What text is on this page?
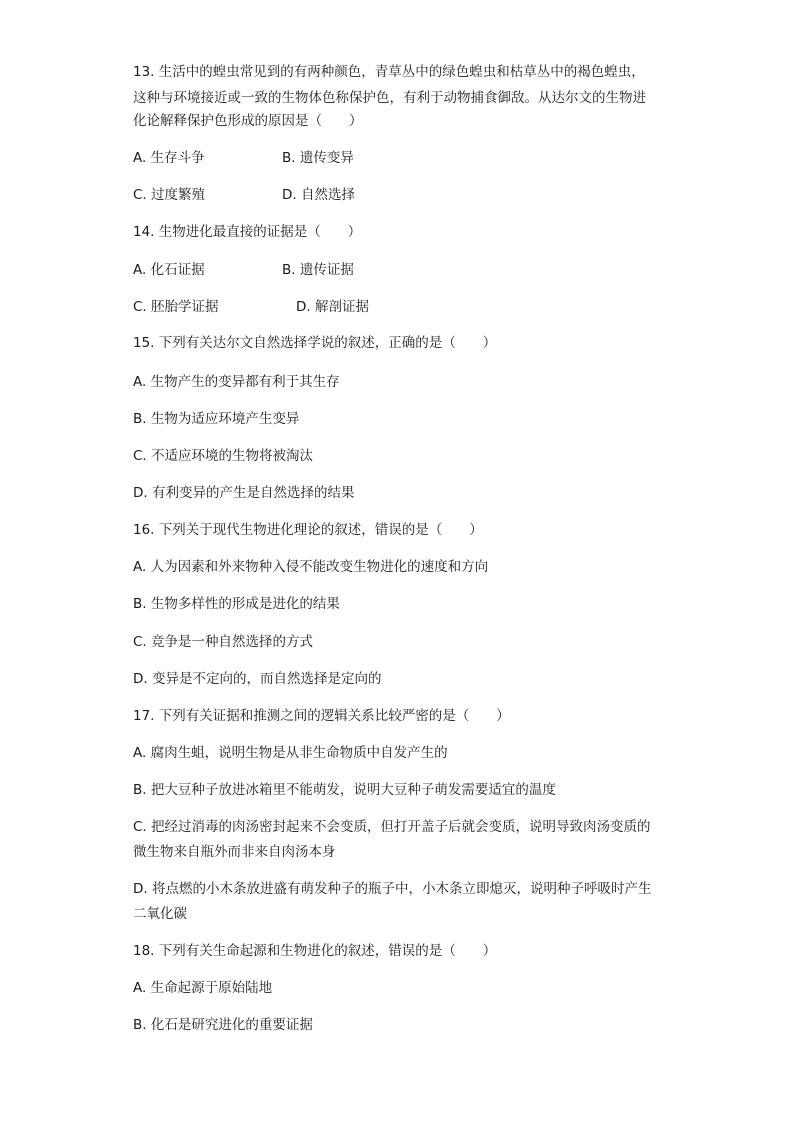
13. 生活中的蝗虫常见到的有两种颜色，青草丛中的绿色蝗虫和枯草丛中的褐色蝗虫，
这种与环境接近或一致的生物体色称保护色，有利于动物捕食御敌。从达尔文的生物进
化论解释保护色形成的原因是（　　）
A. 生存斗争	B. 遗传变异
C. 过度繁殖	D. 自然选择
14. 生物进化最直接的证据是（　　）
A. 化石证据	B. 遗传证据
C. 胚胎学证据	D. 解剖证据
15. 下列有关达尔文自然选择学说的叙述，正确的是（　　）
A. 生物产生的变异都有利于其生存
B. 生物为适应环境产生变异
C. 不适应环境的生物将被淘汰
D. 有利变异的产生是自然选择的结果
16. 下列关于现代生物进化理论的叙述，错误的是（　　）
A. 人为因素和外来物种入侵不能改变生物进化的速度和方向
B. 生物多样性的形成是进化的结果
C. 竞争是一种自然选择的方式
D. 变异是不定向的，而自然选择是定向的
17. 下列有关证据和推测之间的逻辑关系比较严密的是（　　）
A. 腐肉生蛆，说明生物是从非生命物质中自发产生的
B. 把大豆种子放进冰箱里不能萌发，说明大豆种子萌发需要适宜的温度
C. 把经过消毒的肉汤密封起来不会变质，但打开盖子后就会变质，说明导致肉汤变质的
微生物来自瓶外而非来自肉汤本身
D. 将点燃的小木条放进盛有萌发种子的瓶子中，小木条立即熄灭，说明种子呼吸时产生
二氧化碳
18. 下列有关生命起源和生物进化的叙述，错误的是（　　）
A. 生命起源于原始陆地
B. 化石是研究进化的重要证据
